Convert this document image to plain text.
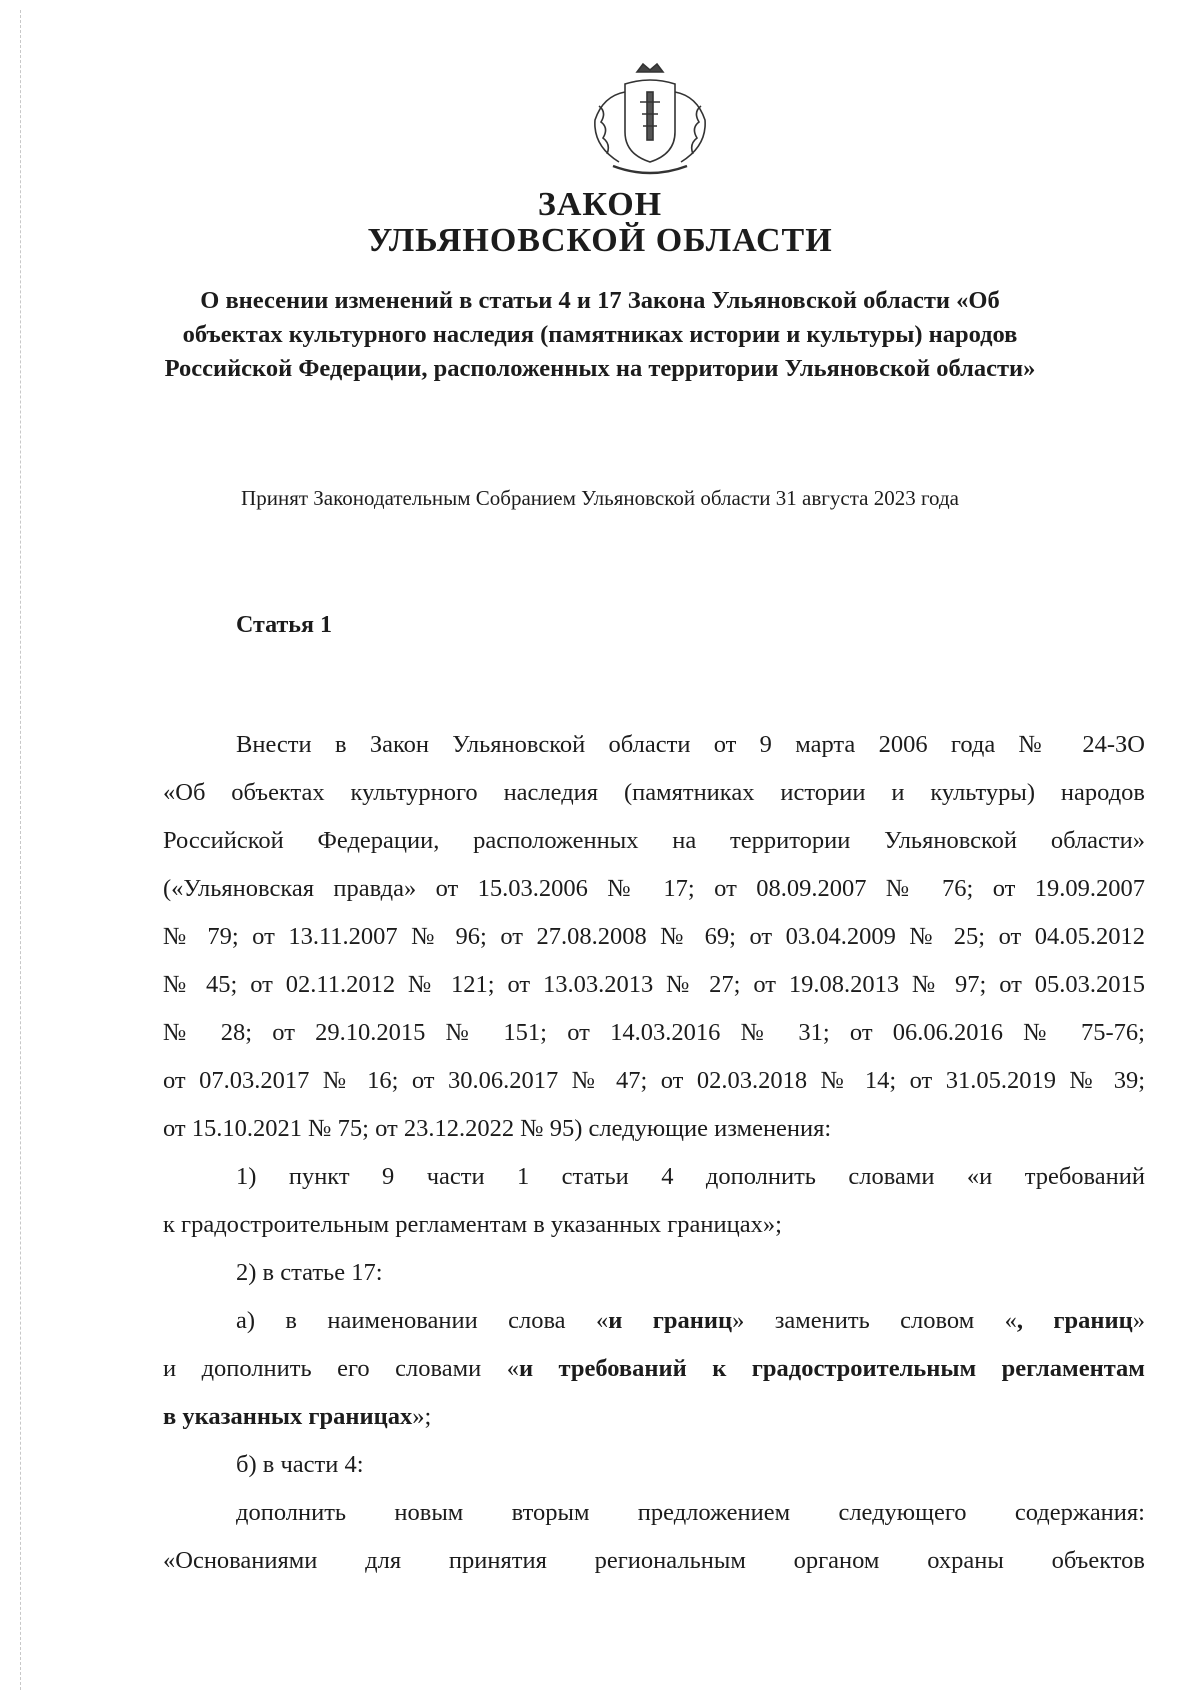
ЗАКОН
УЛЬЯНОВСКОЙ ОБЛАСТИ
О внесении изменений в статьи 4 и 17 Закона Ульяновской области «Об объектах культурного наследия (памятниках истории и культуры) народов Российской Федерации, расположенных на территории Ульяновской области»
Принят Законодательным Собранием Ульяновской области 31 августа 2023 года
Статья 1
Внести в Закон Ульяновской области от 9 марта 2006 года № 24-ЗО
«Об объектах культурного наследия (памятниках истории и культуры) народов
Российской Федерации, расположенных на территории Ульяновской области»
(«Ульяновская правда» от 15.03.2006 № 17; от 08.09.2007 № 76; от 19.09.2007
№ 79; от 13.11.2007 № 96; от 27.08.2008 № 69; от 03.04.2009 № 25; от 04.05.2012
№ 45; от 02.11.2012 № 121; от 13.03.2013 № 27; от 19.08.2013 № 97; от 05.03.2015
№ 28; от 29.10.2015 № 151; от 14.03.2016 № 31; от 06.06.2016 № 75-76;
от 07.03.2017 № 16; от 30.06.2017 № 47; от 02.03.2018 № 14; от 31.05.2019 № 39;
от 15.10.2021 № 75; от 23.12.2022 № 95) следующие изменения:
1) пункт 9 части 1 статьи 4 дополнить словами «и требований
к градостроительным регламентам в указанных границах»;
2) в статье 17:
а) в наименовании слова «и границ» заменить словом «, границ»
и дополнить его словами «и требований к градостроительным регламентам
в указанных границах»;
б) в части 4:
дополнить новым вторым предложением следующего содержания:
«Основаниями для принятия региональным органом охраны объектов
